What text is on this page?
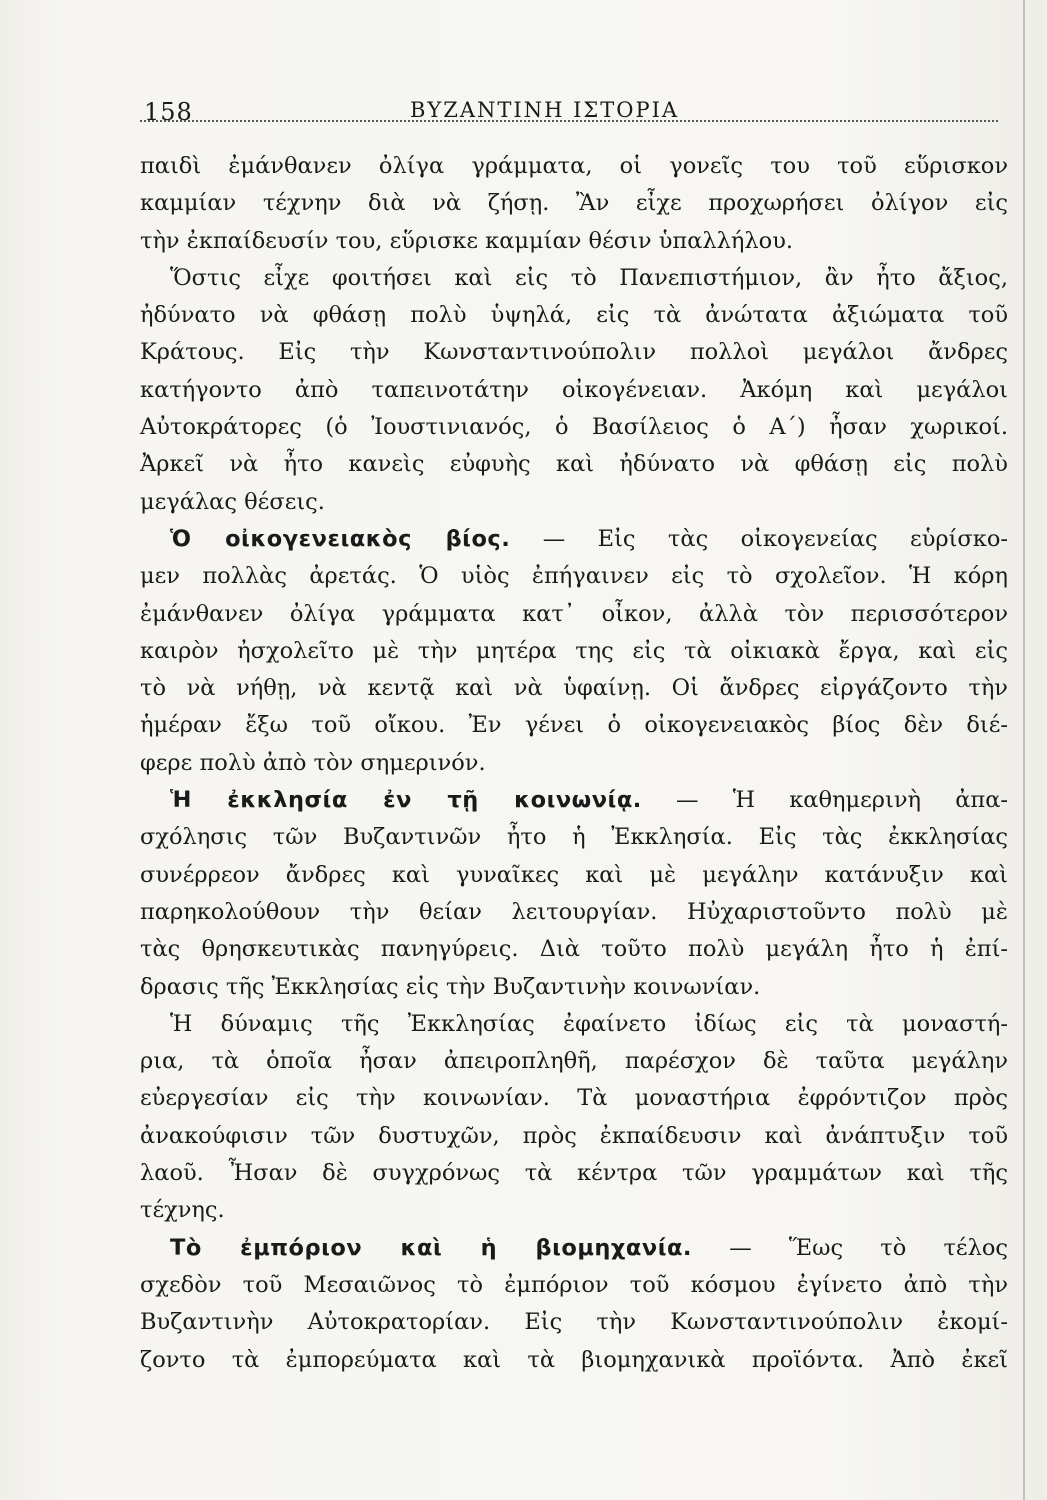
158	ΒΥΖΑΝΤΙΝΗ ΙΣΤΟΡΙΑ
παιδὶ ἐμάνθανεν ὀλίγα γράμματα, οἱ γονεῖς του τοῦ εὕρισκον
καμμίαν τέχνην διὰ νὰ ζήσῃ. Ἂν εἶχε προχωρήσει ὀλίγον εἰς
τὴν ἐκπαίδευσίν του, εὕρισκε καμμίαν θέσιν ὑπαλλήλου.
Ὅστις εἶχε φοιτήσει καὶ εἰς τὸ Πανεπιστήμιον, ἂν ἦτο ἄξιος,
ἠδύνατο νὰ φθάσῃ πολὺ ὑψηλά, εἰς τὰ ἀνώτατα ἀξιώματα τοῦ
Κράτους. Εἰς τὴν Κωνσταντινούπολιν πολλοὶ μεγάλοι ἄνδρες
κατήγοντο ἀπὸ ταπεινοτάτην οἰκογένειαν. Ἀκόμη καὶ μεγάλοι
Αὐτοκράτορες (ὁ Ἰουστινιανός, ὁ Βασίλειος ὁ Α΄) ἦσαν χωρικοί.
Ἀρκεῖ νὰ ἦτο κανεὶς εὐφυὴς καὶ ἠδύνατο νὰ φθάσῃ εἰς πολὺ
μεγάλας θέσεις.
Ὁ οἰκογενειακὸς βίος. — Εἰς τὰς οἰκογενείας εὑρίσκο-
μεν πολλὰς ἀρετάς. Ὁ υἱὸς ἐπήγαινεν εἰς τὸ σχολεῖον. Ἡ κόρη
ἐμάνθανεν ὀλίγα γράμματα κατ᾿ οἶκον, ἀλλὰ τὸν περισσότερον
καιρὸν ἠσχολεῖτο μὲ τὴν μητέρα της εἰς τὰ οἰκιακὰ ἔργα, καὶ εἰς
τὸ νὰ νήθῃ, νὰ κεντᾷ καὶ νὰ ὑφαίνῃ. Οἱ ἄνδρες εἰργάζοντο τὴν
ἡμέραν ἔξω τοῦ οἴκου. Ἐν γένει ὁ οἰκογενειακὸς βίος δὲν διέ-
φερε πολὺ ἀπὸ τὸν σημερινόν.
Ἡ ἐκκλησία ἐν τῇ κοινωνίᾳ. — Ἡ καθημερινὴ ἀπα-
σχόλησις τῶν Βυζαντινῶν ἦτο ἡ Ἐκκλησία. Εἰς τὰς ἐκκλησίας
συνέρρεον ἄνδρες καὶ γυναῖκες καὶ μὲ μεγάλην κατάνυξιν καὶ
παρηκολούθουν τὴν θείαν λειτουργίαν. Ηὐχαριστοῦντο πολὺ μὲ
τὰς θρησκευτικὰς πανηγύρεις. Διὰ τοῦτο πολὺ μεγάλη ἦτο ἡ ἐπί-
δρασις τῆς Ἐκκλησίας εἰς τὴν Βυζαντινὴν κοινωνίαν.
Ἡ δύναμις τῆς Ἐκκλησίας ἐφαίνετο ἰδίως εἰς τὰ μοναστή-
ρια, τὰ ὁποῖα ἦσαν ἀπειροπληθῆ, παρέσχον δὲ ταῦτα μεγάλην
εὐεργεσίαν εἰς τὴν κοινωνίαν. Τὰ μοναστήρια ἐφρόντιζον πρὸς
ἀνακούφισιν τῶν δυστυχῶν, πρὸς ἐκπαίδευσιν καὶ ἀνάπτυξιν τοῦ
λαοῦ. Ἦσαν δὲ συγχρόνως τὰ κέντρα τῶν γραμμάτων καὶ τῆς
τέχνης.
Τὸ ἐμπόριον καὶ ἡ βιομηχανία. — Ἕως τὸ τέλος
σχεδὸν τοῦ Μεσαιῶνος τὸ ἐμπόριον τοῦ κόσμου ἐγίνετο ἀπὸ τὴν
Βυζαντινὴν Αὐτοκρατορίαν. Εἰς τὴν Κωνσταντινούπολιν ἐκομί-
ζοντο τὰ ἐμπορεύματα καὶ τὰ βιομηχανικὰ προϊόντα. Ἀπὸ ἐκεῖ
